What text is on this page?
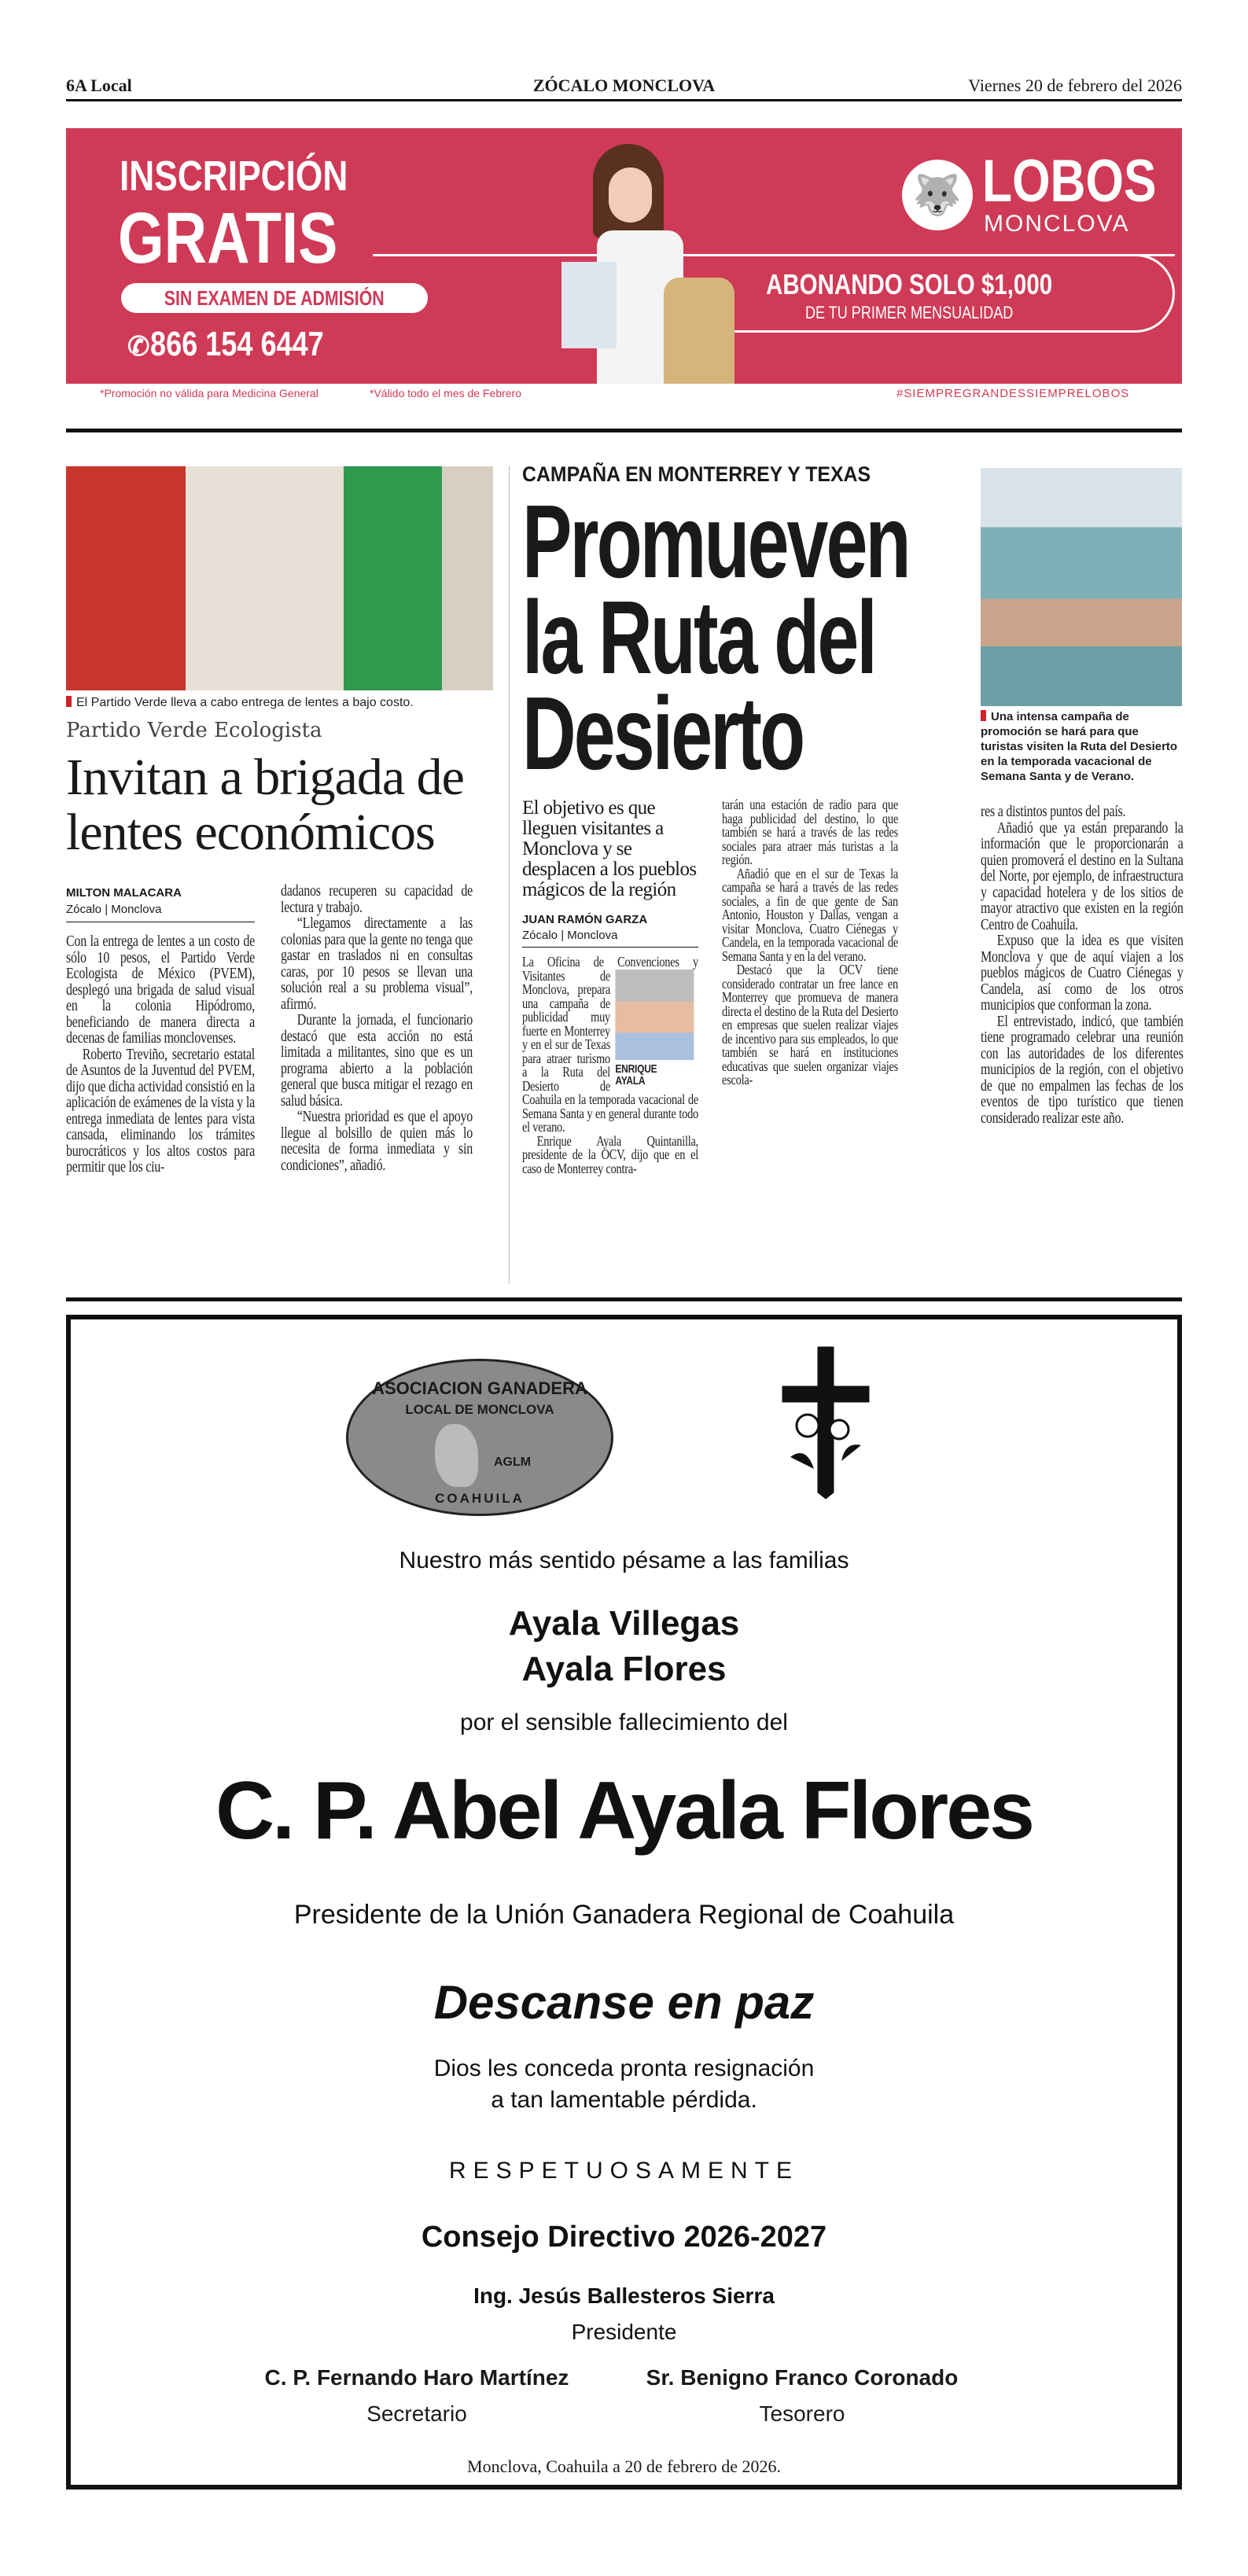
6A Local	ZÓCALO MONCLOVA	Viernes 20 de febrero del 2026
INSCRIPCIÓN
GRATIS
SIN EXAMEN DE ADMISIÓN
✆866 154 6447
🐺 LOBOS
MONCLOVA
ABONANDO SOLO $1,000
DE TU PRIMER MENSUALIDAD
*Promoción no válida para Medicina General	*Válido todo el mes de Febrero	#SIEMPREGRANDESSIEMPRELOBOS
El Partido Verde lleva a cabo entrega de lentes a bajo costo.
Partido Verde Ecologista
Invitan a brigada de lentes económicos
MILTON MALACARA
Zócalo | Monclova

Con la entrega de lentes a un costo de sólo 10 pesos, el Partido Verde Ecologista de México (PVEM), desplegó una brigada de salud visual en la colonia Hipódromo, beneficiando de manera directa a decenas de familias monclovenses.

Roberto Treviño, secretario estatal de Asuntos de la Juventud del PVEM, dijo que dicha actividad consistió en la aplicación de exámenes de la vista y la entrega inmediata de lentes para vista cansada, eliminando los trámites burocráticos y los altos costos para permitir que los ciu-

dadanos recuperen su capacidad de lectura y trabajo.

“Llegamos directamente a las colonias para que la gente no tenga que gastar en traslados ni en consultas caras, por 10 pesos se llevan una solución real a su problema visual”, afirmó.

Durante la jornada, el funcionario destacó que esta acción no está limitada a militantes, sino que es un programa abierto a la población general que busca mitigar el rezago en salud básica.

“Nuestra prioridad es que el apoyo llegue al bolsillo de quien más lo necesita de forma inmediata y sin condiciones”, añadió.

CAMPAÑA EN MONTERREY Y TEXAS
Promueven la Ruta del Desierto
El objetivo es que lleguen visitantes a Monclova y se desplacen a los pueblos mágicos de la región
JUAN RAMÓN GARZA
Zócalo | Monclova
ENRIQUE AYALA

La Oficina de Convenciones y Visitantes de Monclova, prepara una campaña de publicidad muy fuerte en Monterrey y en el sur de Texas para atraer turismo a la Ruta del Desierto de Coahuila en la temporada vacacional de Semana Santa y en general durante todo el verano.

Enrique Ayala Quintanilla, presidente de la OCV, dijo que en el caso de Monterrey contra-

tarán una estación de radio para que haga publicidad del destino, lo que también se hará a través de las redes sociales para atraer más turistas a la región.

Añadió que en el sur de Texas la campaña se hará a través de las redes sociales, a fin de que gente de San Antonio, Houston y Dallas, vengan a visitar Monclova, Cuatro Ciénegas y Candela, en la temporada vacacional de Semana Santa y en la del verano.

Destacó que la OCV tiene considerado contratar un free lance en Monterrey que promueva de manera directa el destino de la Ruta del Desierto en empresas que suelen realizar viajes de incentivo para sus empleados, lo que también se hará en instituciones educativas que suelen organizar viajes escola-

Una intensa campaña de promoción se hará para que turistas visiten la Ruta del Desierto en la temporada vacacional de Semana Santa y de Verano.

res a distintos puntos del país.

Añadió que ya están preparando la información que le proporcionarán a quien promoverá el destino en la Sultana del Norte, por ejemplo, de infraestructura y capacidad hotelera y de los sitios de mayor atractivo que existen en la región Centro de Coahuila.

Expuso que la idea es que visiten Monclova y que de aquí viajen a los pueblos mágicos de Cuatro Ciénegas y Candela, así como de los otros municipios que conforman la zona.

El entrevistado, indicó, que también tiene programado celebrar una reunión con las autoridades de los diferentes municipios de la región, con el objetivo de que no empalmen las fechas de los eventos de tipo turístico que tienen considerado realizar este año.

ASOCIACION GANADERA
LOCAL DE MONCLOVA
AGLM
COAHUILA
Nuestro más sentido pésame a las familias
Ayala Villegas
Ayala Flores
por el sensible fallecimiento del
C. P. Abel Ayala Flores
Presidente de la Unión Ganadera Regional de Coahuila
Descanse en paz
Dios les conceda pronta resignación
a tan lamentable pérdida.
RESPETUOSAMENTE
Consejo Directivo 2026-2027
Ing. Jesús Ballesteros Sierra
Presidente
C. P. Fernando Haro Martínez
Secretario
Sr. Benigno Franco Coronado
Tesorero
Monclova, Coahuila a 20 de febrero de 2026.
